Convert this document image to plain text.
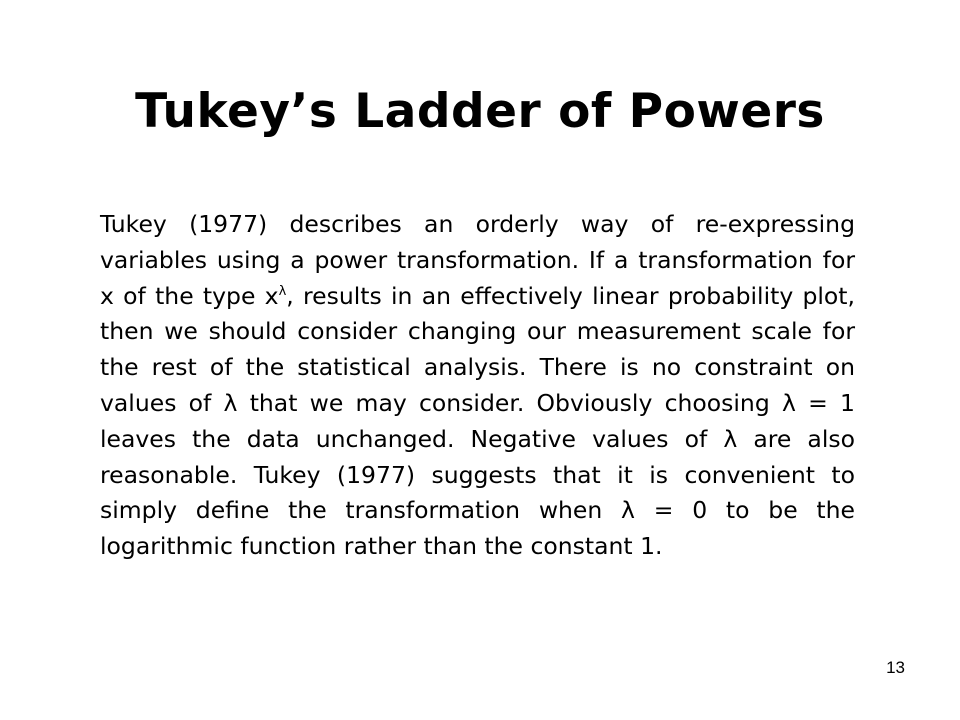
Tukey’s Ladder of Powers

Tukey (1977) describes an orderly way of re-expressing variables using a power transformation. If a transformation for x of the type $x^\lambda$, results in an effectively linear probability plot, then we should consider changing our measurement scale for the rest of the statistical analysis. There is no constraint on values of λ that we may consider. Obviously choosing λ = 1 leaves the data unchanged. Negative values of λ are also reasonable. Tukey (1977) suggests that it is convenient to simply define the transformation when λ = 0 to be the logarithmic function rather than the constant 1.

13
